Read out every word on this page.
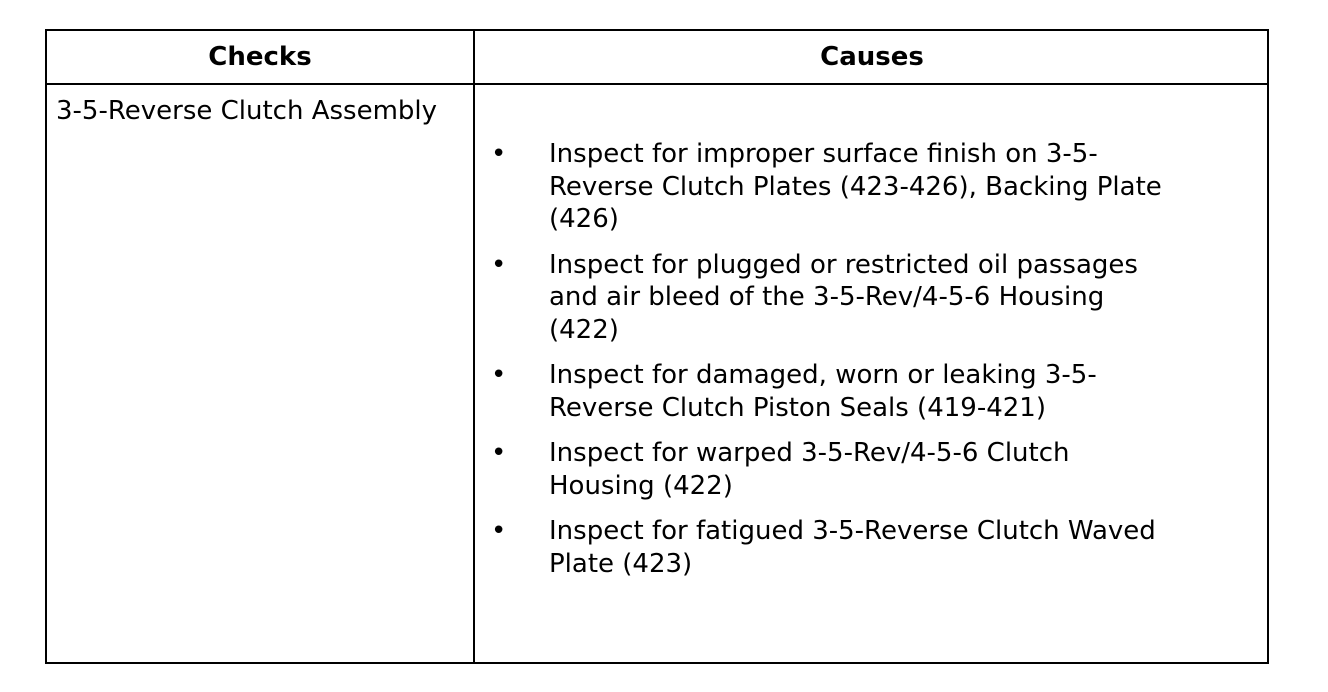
Checks	Causes
3-5-Reverse Clutch Assembly
• Inspect for improper surface finish on 3-5-Reverse Clutch Plates (423-426), Backing Plate (426)
• Inspect for plugged or restricted oil passages and air bleed of the 3-5-Rev/4-5-6 Housing (422)
• Inspect for damaged, worn or leaking 3-5-Reverse Clutch Piston Seals (419-421)
• Inspect for warped 3-5-Rev/4-5-6 Clutch Housing (422)
• Inspect for fatigued 3-5-Reverse Clutch Waved Plate (423)
